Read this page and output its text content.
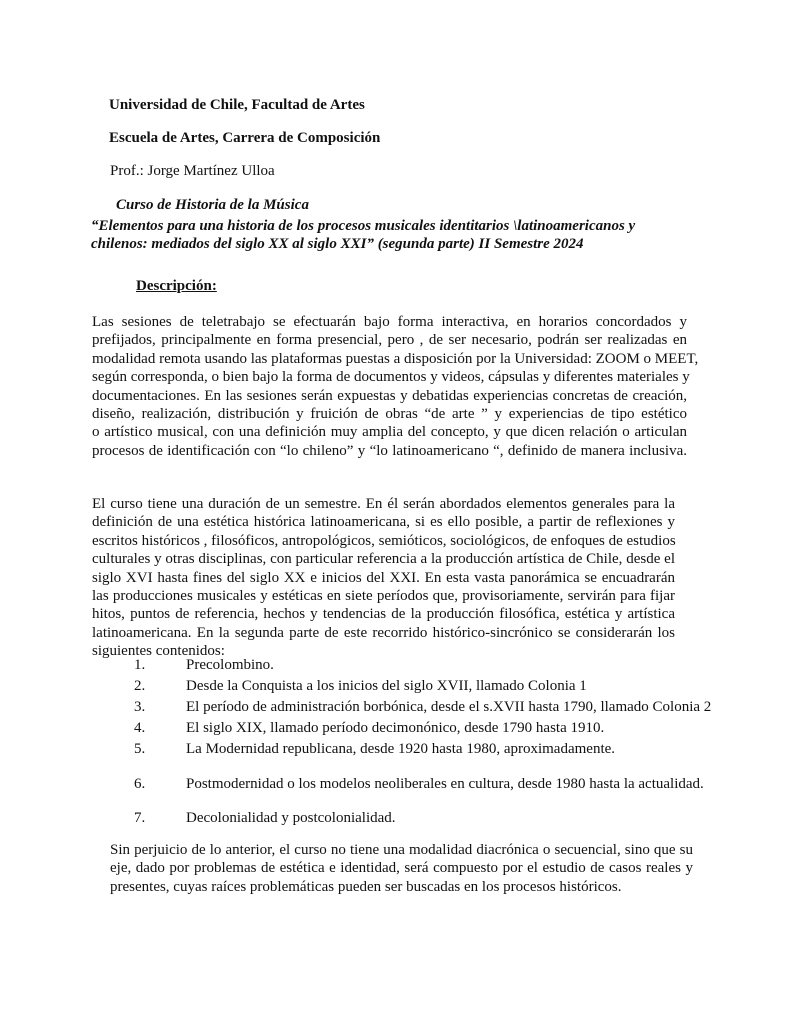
Universidad de Chile, Facultad de Artes
Escuela de Artes, Carrera de Composición
Prof.: Jorge Martínez Ulloa
Curso de Historia de la Música
“Elementos para una historia de los procesos musicales identitarios \latinoamericanos y
chilenos: mediados del siglo XX al siglo XXI” (segunda parte) II Semestre 2024
Descripción:
Las sesiones de teletrabajo se efectuarán bajo forma interactiva, en horarios concordados y
prefijados, principalmente en forma presencial, pero , de ser necesario, podrán ser realizadas en
modalidad remota usando las plataformas puestas a disposición por la Universidad: ZOOM o MEET,
según corresponda, o bien bajo la forma de documentos y videos, cápsulas y diferentes materiales y
documentaciones. En las sesiones serán expuestas y debatidas experiencias concretas de creación,
diseño, realización, distribución y fruición de obras “de arte ” y experiencias de tipo estético
o artístico musical, con una definición muy amplia del concepto, y que dicen relación o articulan
procesos de identificación con “lo chileno” y “lo latinoamericano “, definido de manera inclusiva.
El curso tiene una duración de un semestre. En él serán abordados elementos generales para la
definición de una estética histórica latinoamericana, si es ello posible, a partir de reflexiones y
escritos históricos , filosóficos, antropológicos, semióticos, sociológicos, de enfoques de estudios
culturales y otras disciplinas, con particular referencia a la producción artística de Chile, desde el
siglo XVI hasta fines del siglo XX e inicios del XXI. En esta vasta panorámica se encuadrarán
las producciones musicales y estéticas en siete períodos que, provisoriamente, servirán para fijar
hitos, puntos de referencia, hechos y tendencias de la producción filosófica, estética y artística
latinoamericana. En la segunda parte de este recorrido histórico-sincrónico se considerarán los
siguientes contenidos:
1.	Precolombino.
2.	Desde la Conquista a los inicios del siglo XVII, llamado Colonia 1
3.	El período de administración borbónica, desde el s.XVII hasta 1790, llamado Colonia 2
4.	El siglo XIX, llamado período decimonónico, desde 1790 hasta 1910.
5.	La Modernidad republicana, desde 1920 hasta 1980, aproximadamente.
6.	Postmodernidad o los modelos neoliberales en cultura, desde 1980 hasta la actualidad.
7.	Decolonialidad y postcolonialidad.
Sin perjuicio de lo anterior, el curso no tiene una modalidad diacrónica o secuencial, sino que su
eje, dado por problemas de estética e identidad, será compuesto por el estudio de casos reales y
presentes, cuyas raíces problemáticas pueden ser buscadas en los procesos históricos.
